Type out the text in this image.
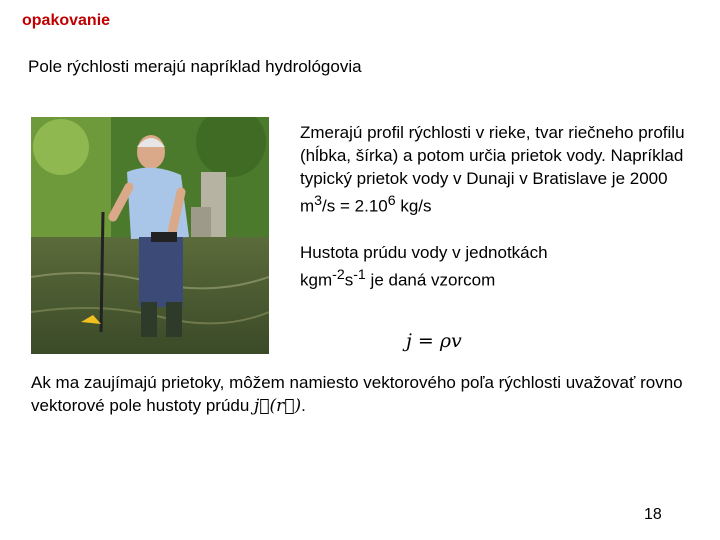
opakovanie
Pole rýchlosti merajú napríklad hydrológovia
Zmerajú profil rýchlosti v rieke, tvar riečneho profilu (hĺbka, šírka) a potom určia prietok vody. Napríklad typický prietok vody v Dunaji v Bratislave je 2000 $m^3/s = 2.10^6$ kg/s
Hustota prúdu vody v jednotkách
$kgm^{-2}s^{-1}$ je daná vzorcom
j = ρv
Ak ma zaujímajú prietoky, môžem namiesto vektorového poľa rýchlosti uvažovať rovno vektorové pole hustoty prúdu j⃗(r⃗).
18
